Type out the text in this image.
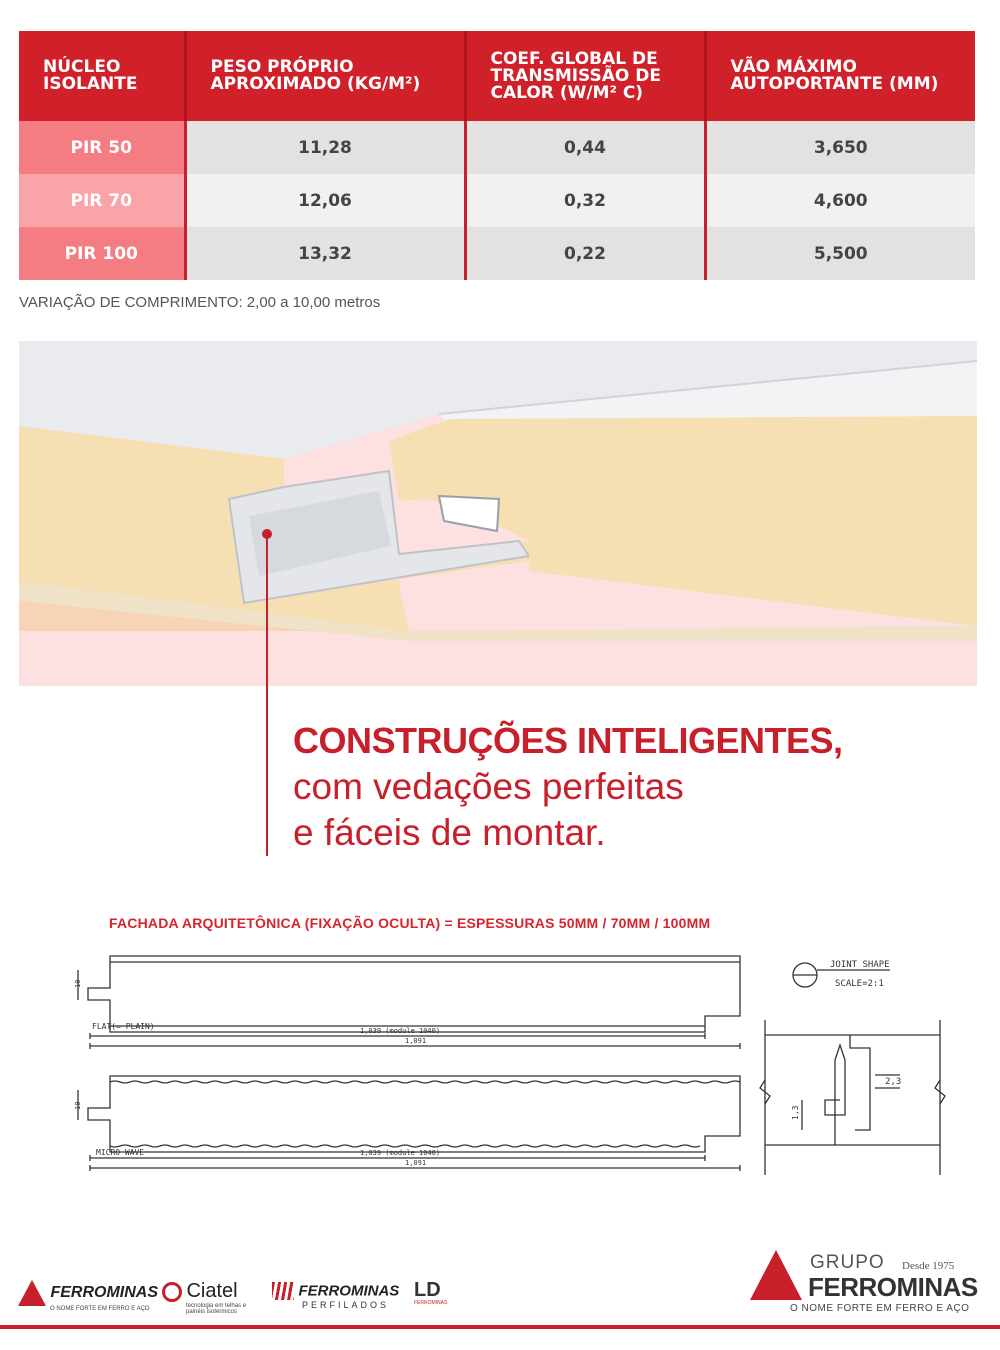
NÚCLEO ISOLANTE	PESO PRÓPRIO APROXIMADO (KG/M²)	COEF. GLOBAL DE TRANSMISSÃO DE CALOR (W/M² C)	VÃO MÁXIMO AUTOPORTANTE (MM)
PIR 50	11,28	0,44	3,650
PIR 70	12,06	0,32	4,600
PIR 100	13,32	0,22	5,500
VARIAÇÃO DE COMPRIMENTO: 2,00 a 10,00 metros
CONSTRUÇÕES INTELIGENTES,
com vedações perfeitas
e fáceis de montar.
FACHADA ARQUITETÔNICA (FIXAÇÃO OCULTA) = ESPESSURAS 50MM / 70MM / 100MM
FLAT(= PLAIN)	1,039 (module 1040)
1,091
MICRO WAVE	1,039 (module 1040)
1,091
10
10
JOINT SHAPE
SCALE=2:1
2,3
1,3
FERROMINAS
O NOME FORTE EM FERRO E AÇO
Ciatel
tecnologia em telhas e painéis isotérmicos
FERROMINAS
PERFILADOS
LD
FERROMINAS
GRUPO Desde 1975
FERROMINAS
O NOME FORTE EM FERRO E AÇO
